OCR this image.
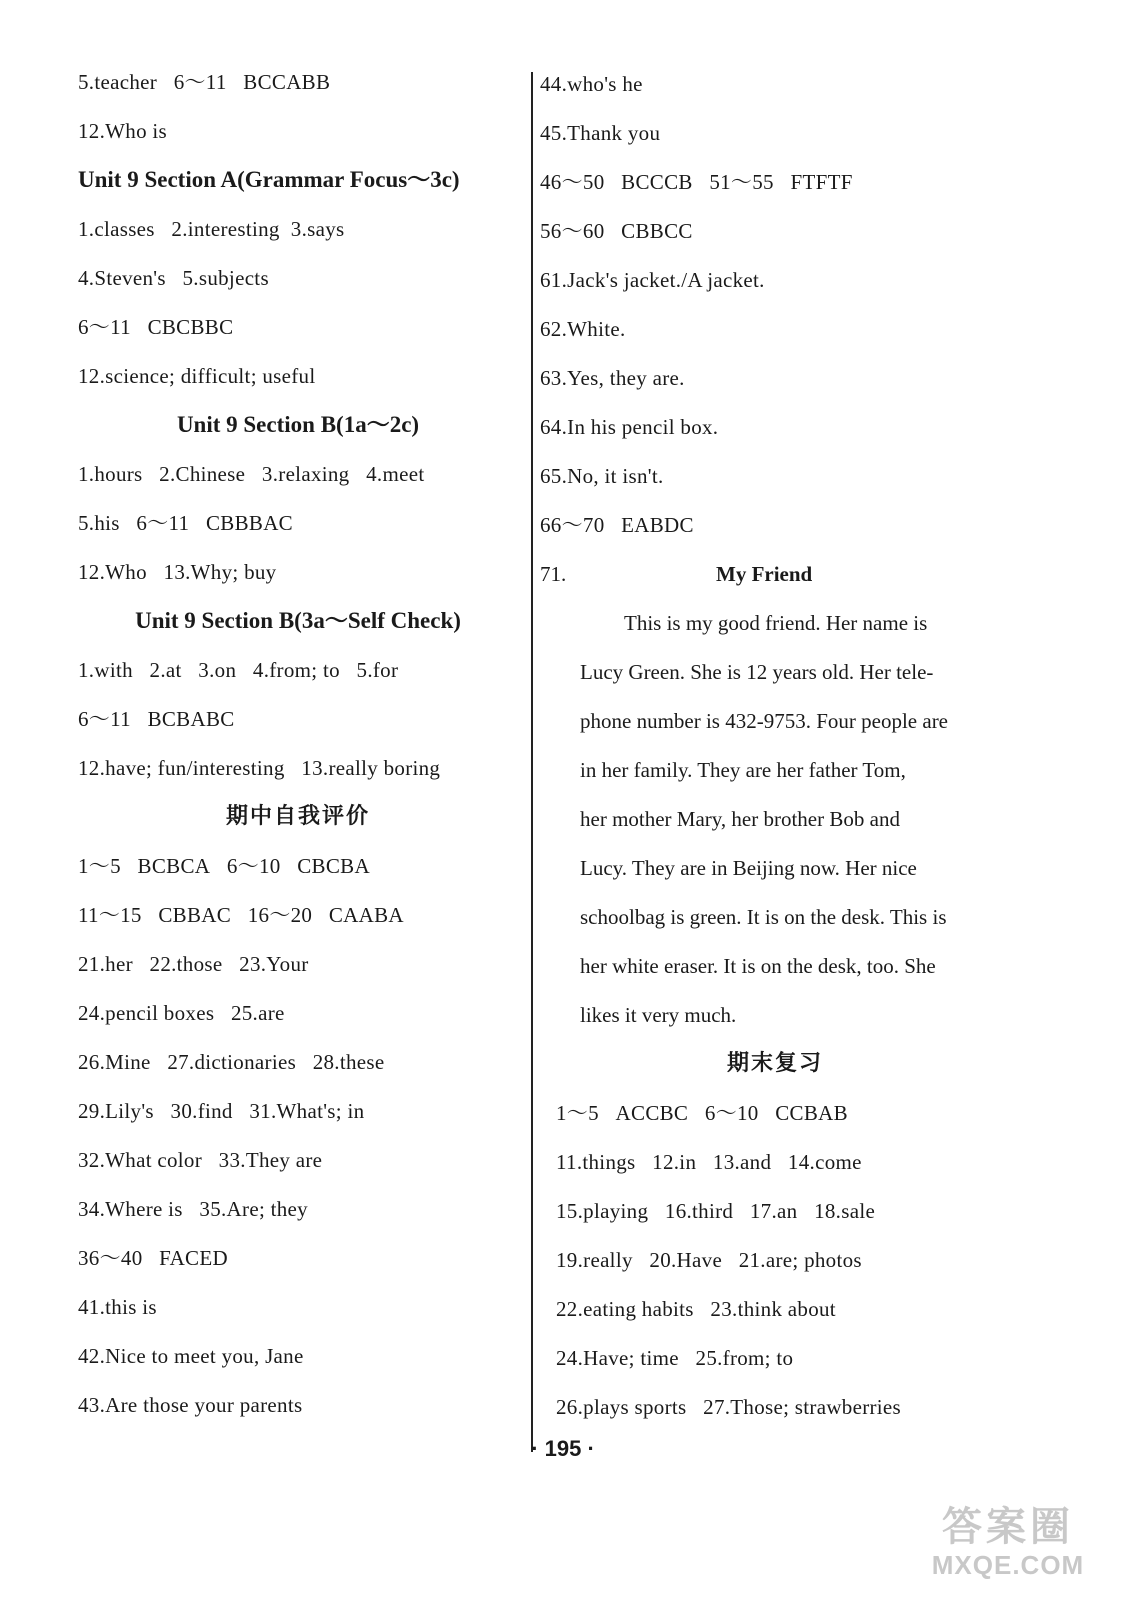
5.teacher   6～11   BCCABB
12.Who is
Unit 9 Section A(Grammar Focus～3c)
1.classes   2.interesting  3.says
4.Steven's   5.subjects
6～11   CBCBBC
12.science; difficult; useful
Unit 9 Section B(1a～2c)
1.hours   2.Chinese   3.relaxing   4.meet
5.his   6～11   CBBBAC
12.Who   13.Why; buy
Unit 9 Section B(3a～Self Check)
1.with   2.at   3.on   4.from; to   5.for
6～11   BCBABC
12.have; fun/interesting   13.really boring
期中自我评价
1～5   BCBCA   6～10   CBCBA
11～15   CBBAC   16～20   CAABA
21.her   22.those   23.Your
24.pencil boxes   25.are
26.Mine   27.dictionaries   28.these
29.Lily's   30.find   31.What's; in
32.What color   33.They are
34.Where is   35.Are; they
36～40   FACED
41.this is
42.Nice to meet you, Jane
43.Are those your parents
44.who's he
45.Thank you
46～50   BCCCB   51～55   FTFTF
56～60   CBBCC
61.Jack's jacket./A jacket.
62.White.
63.Yes, they are.
64.In his pencil box.
65.No, it isn't.
66～70   EABDC
71.	My Friend
This is my good friend. Her name is
Lucy Green. She is 12 years old. Her tele-
phone number is 432-9753. Four people are
in her family. They are her father Tom,
her mother Mary, her brother Bob and
Lucy. They are in Beijing now. Her nice
schoolbag is green. It is on the desk. This is
her white eraser. It is on the desk, too. She
likes it very much.
期末复习
1～5   ACCBC   6～10   CCBAB
11.things   12.in   13.and   14.come
15.playing   16.third   17.an   18.sale
19.really   20.Have   21.are; photos
22.eating habits   23.think about
24.Have; time   25.from; to
26.plays sports   27.Those; strawberries
· 195 ·
答案圈
MXQE.COM
